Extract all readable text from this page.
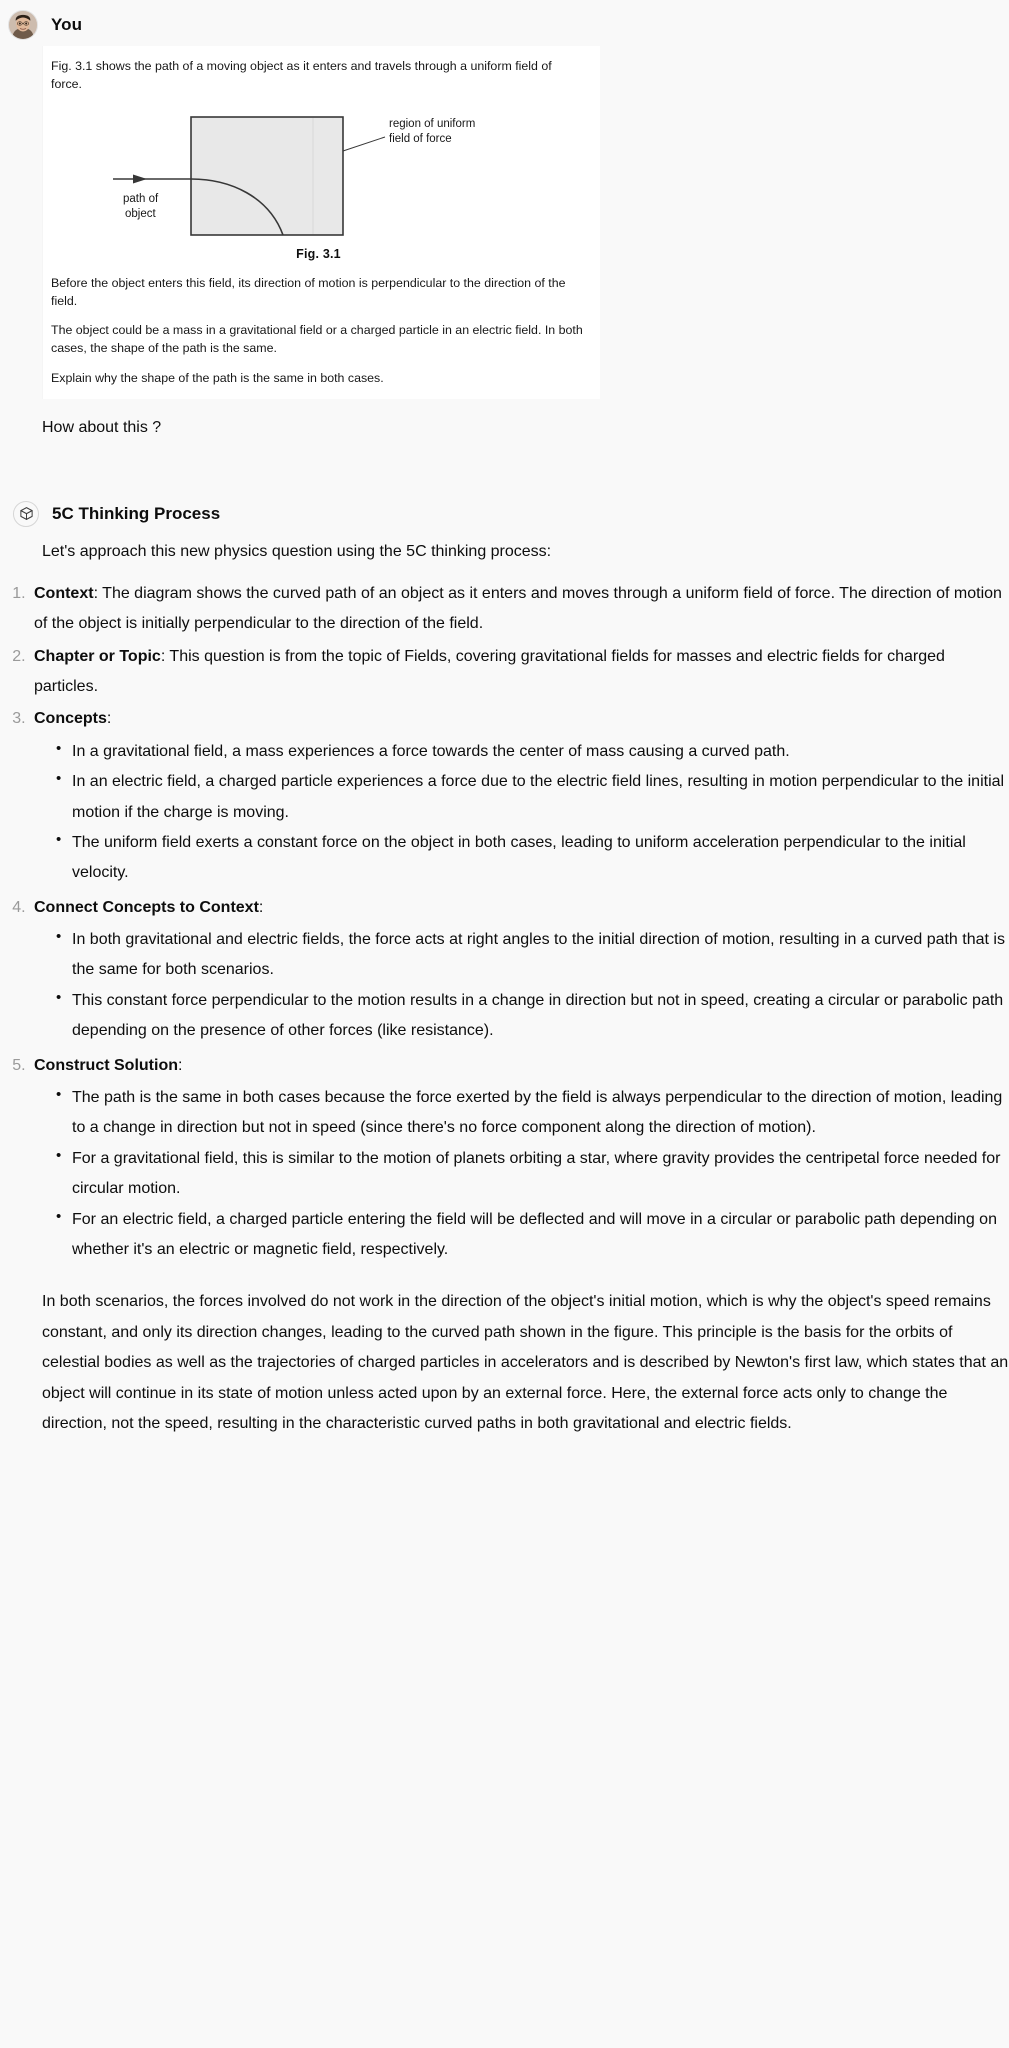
You

Fig. 3.1 shows the path of a moving object as it enters and travels through a uniform field of force.

region of uniform
field of force
path of
object
Fig. 3.1

Before the object enters this field, its direction of motion is perpendicular to the direction of the field.

The object could be a mass in a gravitational field or a charged particle in an electric field. In both cases, the shape of the path is the same.

Explain why the shape of the path is the same in both cases.

How about this ?
5C Thinking Process

Let's approach this new physics question using the 5C thinking process:

1. Context: The diagram shows the curved path of an object as it enters and moves through a uniform field of force. The direction of motion of the object is initially perpendicular to the direction of the field.
2. Chapter or Topic: This question is from the topic of Fields, covering gravitational fields for masses and electric fields for charged particles.
3. Concepts:
• In a gravitational field, a mass experiences a force towards the center of mass causing a curved path.
• In an electric field, a charged particle experiences a force due to the electric field lines, resulting in motion perpendicular to the initial motion if the charge is moving.
• The uniform field exerts a constant force on the object in both cases, leading to uniform acceleration perpendicular to the initial velocity.
4. Connect Concepts to Context:
• In both gravitational and electric fields, the force acts at right angles to the initial direction of motion, resulting in a curved path that is the same for both scenarios.
• This constant force perpendicular to the motion results in a change in direction but not in speed, creating a circular or parabolic path depending on the presence of other forces (like resistance).
5. Construct Solution:
• The path is the same in both cases because the force exerted by the field is always perpendicular to the direction of motion, leading to a change in direction but not in speed (since there's no force component along the direction of motion).
• For a gravitational field, this is similar to the motion of planets orbiting a star, where gravity provides the centripetal force needed for circular motion.
• For an electric field, a charged particle entering the field will be deflected and will move in a circular or parabolic path depending on whether it's an electric or magnetic field, respectively.

In both scenarios, the forces involved do not work in the direction of the object's initial motion, which is why the object's speed remains constant, and only its direction changes, leading to the curved path shown in the figure. This principle is the basis for the orbits of celestial bodies as well as the trajectories of charged particles in accelerators and is described by Newton's first law, which states that an object will continue in its state of motion unless acted upon by an external force. Here, the external force acts only to change the direction, not the speed, resulting in the characteristic curved paths in both gravitational and electric fields.
